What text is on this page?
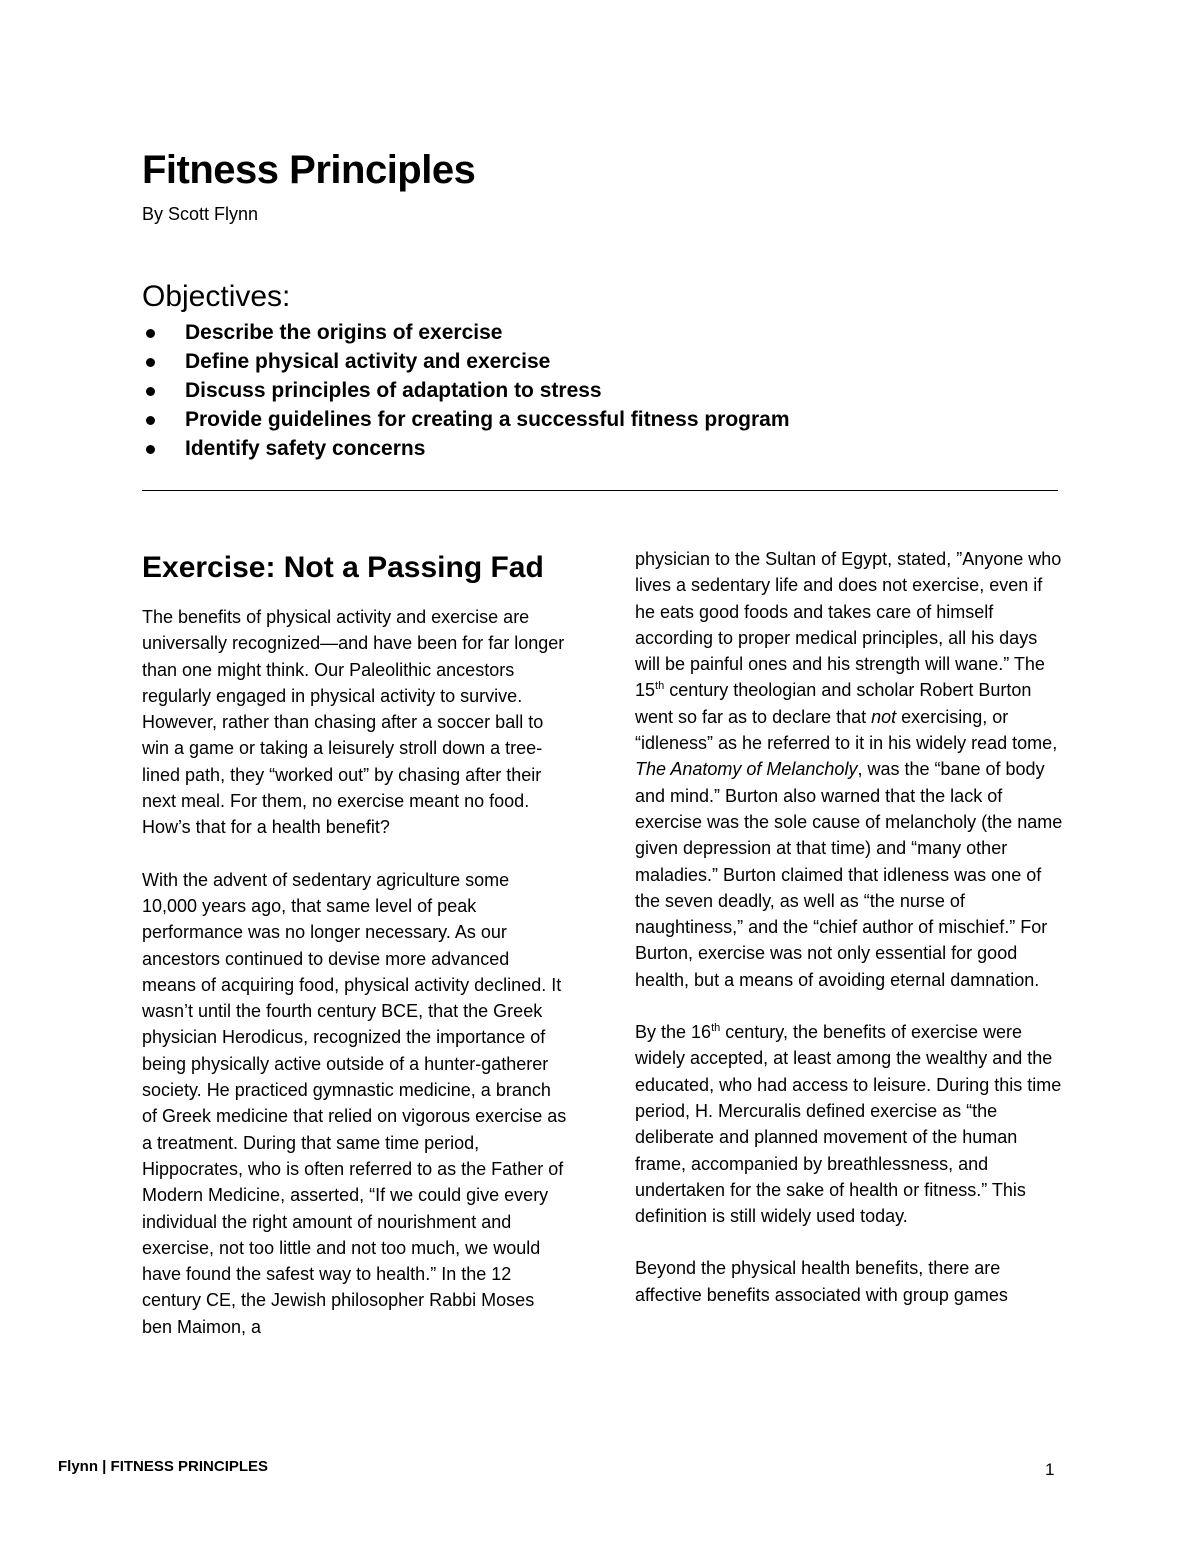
Fitness Principles
By Scott Flynn
Objectives:
Describe the origins of exercise
Define physical activity and exercise
Discuss principles of adaptation to stress
Provide guidelines for creating a successful fitness program
Identify safety concerns
Exercise: Not a Passing Fad

The benefits of physical activity and exercise are universally recognized—and have been for far longer than one might think. Our Paleolithic ancestors regularly engaged in physical activity to survive. However, rather than chasing after a soccer ball to win a game or taking a leisurely stroll down a tree-lined path, they “worked out” by chasing after their next meal. For them, no exercise meant no food. How’s that for a health benefit?

With the advent of sedentary agriculture some 10,000 years ago, that same level of peak performance was no longer necessary. As our ancestors continued to devise more advanced means of acquiring food, physical activity declined. It wasn’t until the fourth century BCE, that the Greek physician Herodicus, recognized the importance of being physically active outside of a hunter-gatherer society. He practiced gymnastic medicine, a branch of Greek medicine that relied on vigorous exercise as a treatment. During that same time period, Hippocrates, who is often referred to as the Father of Modern Medicine, asserted, “If we could give every individual the right amount of nourishment and exercise, not too little and not too much, we would have found the safest way to health.” In the 12 century CE, the Jewish philosopher Rabbi Moses ben Maimon, a

physician to the Sultan of Egypt, stated, ”Anyone who lives a sedentary life and does not exercise, even if he eats good foods and takes care of himself according to proper medical principles, all his days will be painful ones and his strength will wane.” The 15th century theologian and scholar Robert Burton went so far as to declare that not exercising, or “idleness” as he referred to it in his widely read tome, The Anatomy of Melancholy, was the “bane of body and mind.” Burton also warned that the lack of exercise was the sole cause of melancholy (the name given depression at that time) and “many other maladies.” Burton claimed that idleness was one of the seven deadly, as well as “the nurse of naughtiness,” and the “chief author of mischief.” For Burton, exercise was not only essential for good health, but a means of avoiding eternal damnation.

By the 16th century, the benefits of exercise were widely accepted, at least among the wealthy and the educated, who had access to leisure. During this time period, H. Mercuralis defined exercise as “the deliberate and planned movement of the human frame, accompanied by breathlessness, and undertaken for the sake of health or fitness.” This definition is still widely used today.

Beyond the physical health benefits, there are affective benefits associated with group games

Flynn | FITNESS PRINCIPLES	1
